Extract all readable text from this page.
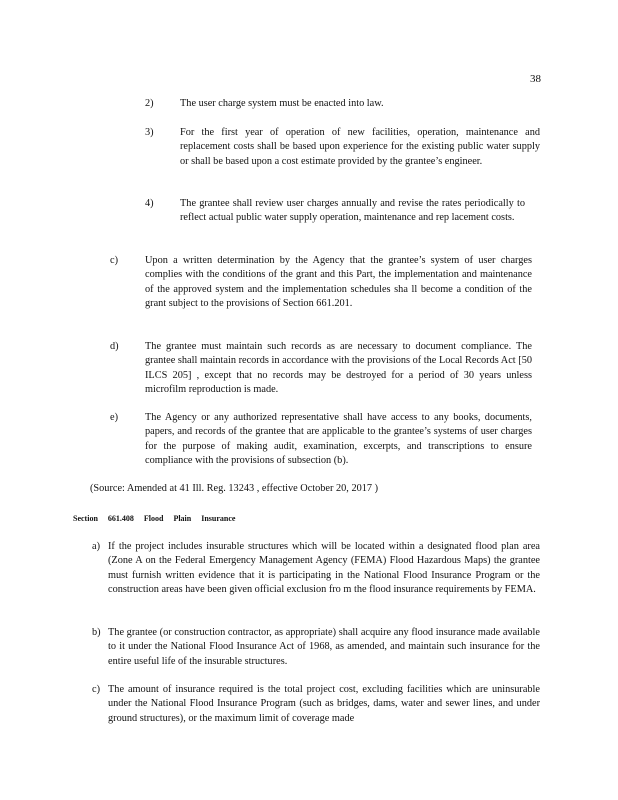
38
2)	The user charge system must be enacted into law.
3)	For the first year of operation of new facilities, operation, maintenance and replacement costs shall be based upon experience for the existing public water supply or shall be based upon a cost estimate provided by the grantee’s engineer.
4)	The grantee shall review user charges annually and revise the rates periodically to reflect actual public water supply operation, maintenance and rep lacement costs.
c)	Upon a written determination by the Agency that the grantee’s system of user charges complies with the conditions of the grant and this Part, the implementation and maintenance of the approved system and the implementation schedules sha ll become a condition of the grant subject to the provisions of Section 661.201.
d)	The grantee must maintain such records as are necessary to document compliance. The grantee shall maintain records in accordance with the provisions of the Local Records Act [50 ILCS 205] , except that no records may be destroyed for a period of 30 years unless microfilm reproduction is made.
e)	The Agency or any authorized representative shall have access to any books, documents, papers, and records of the grantee that are applicable to the grantee’s systems of user charges for the purpose of making audit, examination, excerpts, and transcriptions to ensure compliance with the provisions of subsection (b).
(Source: Amended at 41 Ill. Reg. 13243 , effective October 20, 2017 )
Section 661.408 Flood Plain Insurance
a) If the project includes insurable structures which will be located within a designated flood plan area (Zone A on the Federal Emergency Management Agency (FEMA) Flood Hazardous Maps) the grantee must furnish written evidence that it is participating in the National Flood Insurance Program or the construction areas have been given official exclusion fro m the flood insurance requirements by FEMA.
b) The grantee (or construction contractor, as appropriate) shall acquire any flood insurance made available to it under the National Flood Insurance Act of 1968, as amended, and maintain such insurance for the entire useful life of the insurable structures.
c) The amount of insurance required is the total project cost, excluding facilities which are uninsurable under the National Flood Insurance Program (such as bridges, dams, water and sewer lines, and under ground structures), or the maximum limit of coverage made
